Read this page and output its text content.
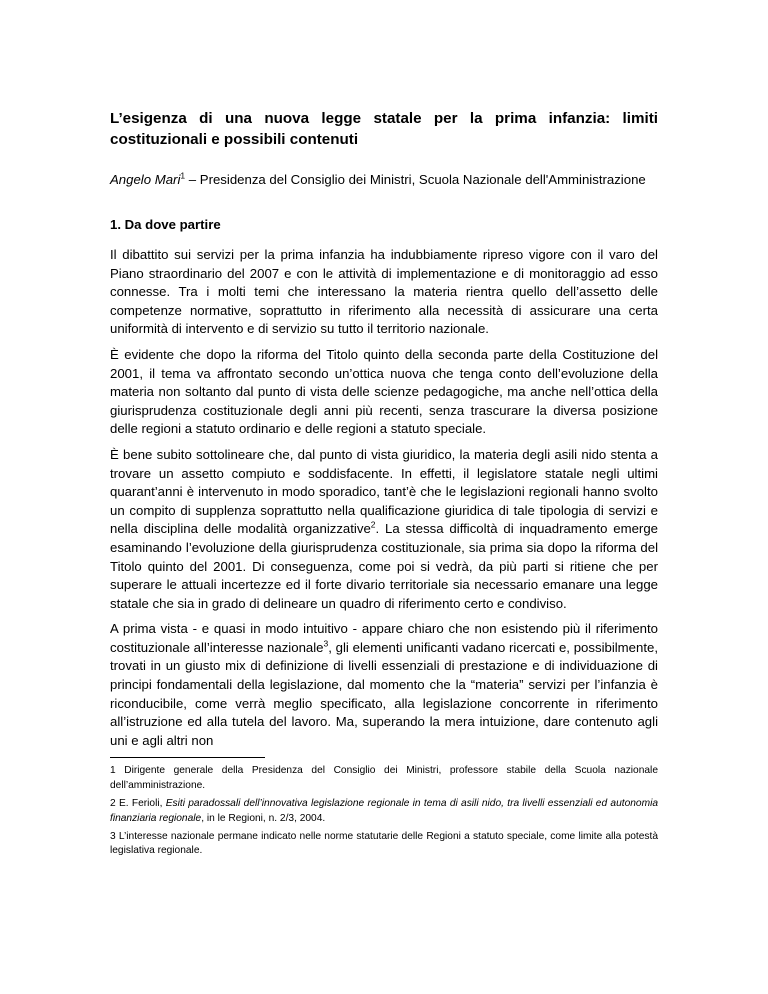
L’esigenza di una nuova legge statale per la prima infanzia: limiti costituzionali e possibili contenuti
Angelo Mari$^1$ – Presidenza del Consiglio dei Ministri, Scuola Nazionale dell'Amministrazione
1. Da dove partire

Il dibattito sui servizi per la prima infanzia ha indubbiamente ripreso vigore con il varo del Piano straordinario del 2007 e con le attività di implementazione e di monitoraggio ad esso connesse. Tra i molti temi che interessano la materia rientra quello dell’assetto delle competenze normative, soprattutto in riferimento alla necessità di assicurare una certa uniformità di intervento e di servizio su tutto il territorio nazionale.

È evidente che dopo la riforma del Titolo quinto della seconda parte della Costituzione del 2001, il tema va affrontato secondo un’ottica nuova che tenga conto dell’evoluzione della materia non soltanto dal punto di vista delle scienze pedagogiche, ma anche nell’ottica della giurisprudenza costituzionale degli anni più recenti, senza trascurare la diversa posizione delle regioni a statuto ordinario e delle regioni a statuto speciale.

È bene subito sottolineare che, dal punto di vista giuridico, la materia degli asili nido stenta a trovare un assetto compiuto e soddisfacente. In effetti, il legislatore statale negli ultimi quarant’anni è intervenuto in modo sporadico, tant’è che le legislazioni regionali hanno svolto un compito di supplenza soprattutto nella qualificazione giuridica di tale tipologia di servizi e nella disciplina delle modalità organizzative$^2$. La stessa difficoltà di inquadramento emerge esaminando l’evoluzione della giurisprudenza costituzionale, sia prima sia dopo la riforma del Titolo quinto del 2001. Di conseguenza, come poi si vedrà, da più parti si ritiene che per superare le attuali incertezze ed il forte divario territoriale sia necessario emanare una legge statale che sia in grado di delineare un quadro di riferimento certo e condiviso.

A prima vista - e quasi in modo intuitivo - appare chiaro che non esistendo più il riferimento costituzionale all’interesse nazionale$^3$, gli elementi unificanti vadano ricercati e, possibilmente, trovati in un giusto mix di definizione di livelli essenziali di prestazione e di individuazione di principi fondamentali della legislazione, dal momento che la “materia” servizi per l’infanzia è riconducibile, come verrà meglio specificato, alla legislazione concorrente in riferimento all’istruzione ed alla tutela del lavoro. Ma, superando la mera intuizione, dare contenuto agli uni e agli altri non

1 Dirigente generale della Presidenza del Consiglio dei Ministri, professore stabile della Scuola nazionale dell’amministrazione.

2 E. Ferioli, Esiti paradossali dell’innovativa legislazione regionale in tema di asili nido, tra livelli essenziali ed autonomia finanziaria regionale, in le Regioni, n. 2/3, 2004.

3 L’interesse nazionale permane indicato nelle norme statutarie delle Regioni a statuto speciale, come limite alla potestà legislativa regionale.
